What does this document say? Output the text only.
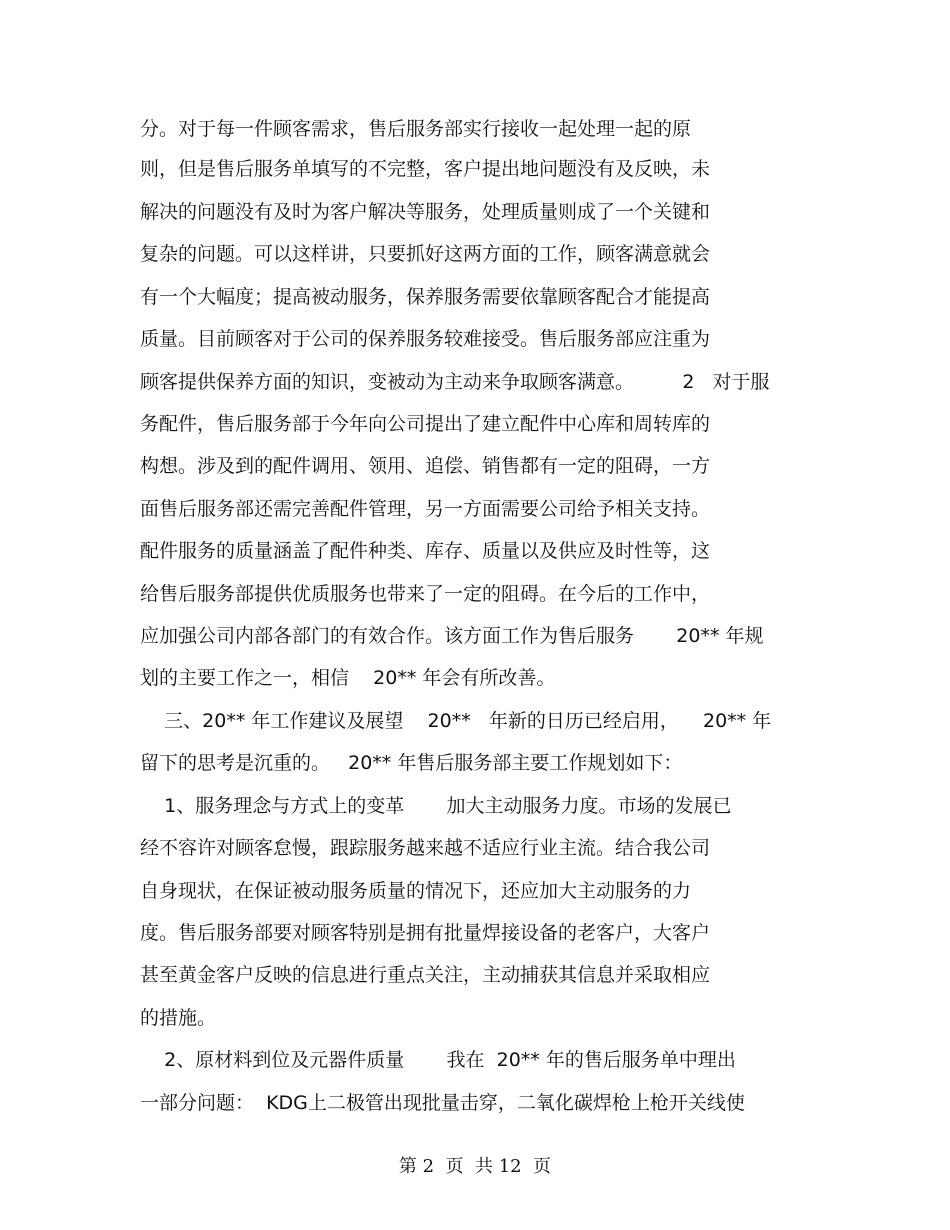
分。对于每一件顾客需求，售后服务部实行接收一起处理一起的原
则，但是售后服务单填写的不完整，客户提出地问题没有及反映，未
解决的问题没有及时为客户解决等服务，处理质量则成了一个关键和
复杂的问题。可以这样讲，只要抓好这两方面的工作，顾客满意就会
有一个大幅度；提高被动服务，保养服务需要依靠顾客配合才能提高
质量。目前顾客对于公司的保养服务较难接受。售后服务部应注重为
顾客提供保养方面的知识，变被动为主动来争取顾客满意。        2   对于服
务配件，售后服务部于今年向公司提出了建立配件中心库和周转库的
构想。涉及到的配件调用、领用、追偿、销售都有一定的阻碍，一方
面售后服务部还需完善配件管理，另一方面需要公司给予相关支持。
配件服务的质量涵盖了配件种类、库存、质量以及供应及时性等，这
给售后服务部提供优质服务也带来了一定的阻碍。在今后的工作中，
应加强公司内部各部门的有效合作。该方面工作为售后服务       20** 年规
划的主要工作之一，相信    20** 年会有所改善。
三、20** 年工作建议及展望    20**   年新的日历已经启用，    20** 年
留下的思考是沉重的。   20** 年售后服务部主要工作规划如下：
1、服务理念与方式上的变革       加大主动服务力度。市场的发展已
经不容许对顾客怠慢，跟踪服务越来越不适应行业主流。结合我公司
自身现状，在保证被动服务质量的情况下，还应加大主动服务的力
度。售后服务部要对顾客特别是拥有批量焊接设备的老客户，大客户
甚至黄金客户反映的信息进行重点关注，主动捕获其信息并采取相应
的措施。
2、原材料到位及元器件质量       我在  20** 年的售后服务单中理出
一部分问题：  KDG上二极管出现批量击穿，二氧化碳焊枪上枪开关线使
第 2  页  共 12  页
